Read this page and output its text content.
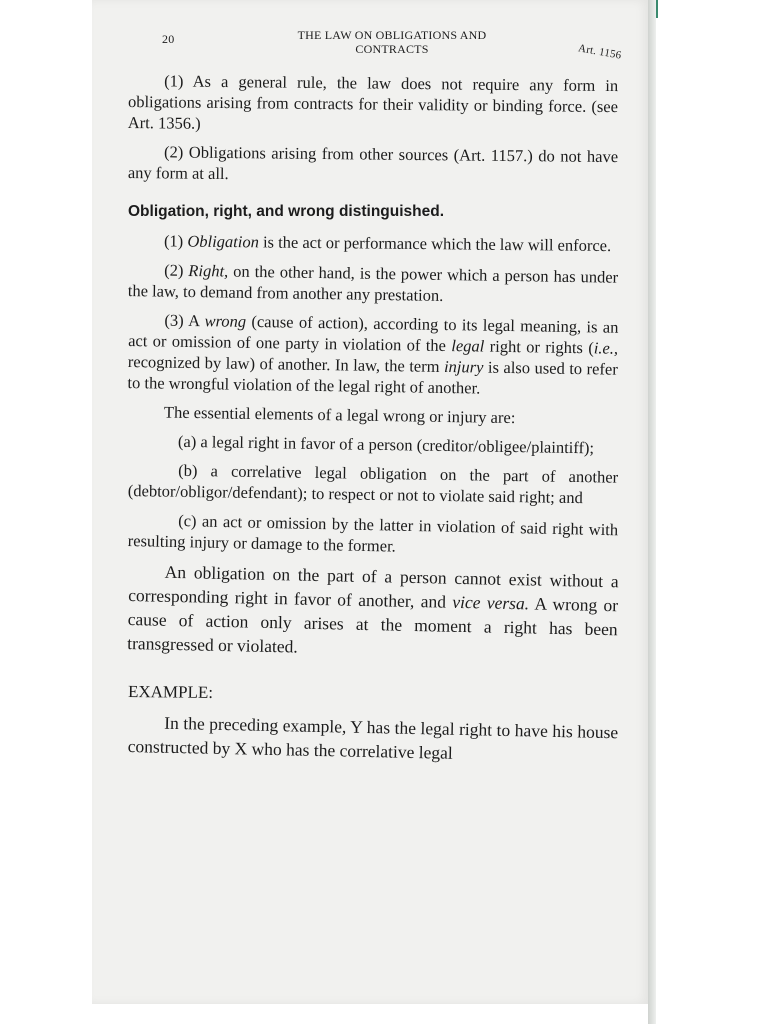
20	THE LAW ON OBLIGATIONS AND CONTRACTS	Art. 1156

(1) As a general rule, the law does not require any form in obligations arising from contracts for their validity or binding force. (see Art. 1356.)

(2) Obligations arising from other sources (Art. 1157.) do not have any form at all.

Obligation, right, and wrong distinguished.

(1) Obligation is the act or performance which the law will enforce.

(2) Right, on the other hand, is the power which a person has under the law, to demand from another any prestation.

(3) A wrong (cause of action), according to its legal meaning, is an act or omission of one party in violation of the legal right or rights (i.e., recognized by law) of another. In law, the term injury is also used to refer to the wrongful violation of the legal right of another.

The essential elements of a legal wrong or injury are:

(a) a legal right in favor of a person (creditor/obligee/plaintiff);

(b) a correlative legal obligation on the part of another (debtor/obligor/defendant); to respect or not to violate said right; and

(c) an act or omission by the latter in violation of said right with resulting injury or damage to the former.

An obligation on the part of a person cannot exist without a corresponding right in favor of another, and vice versa. A wrong or cause of action only arises at the moment a right has been transgressed or violated.

EXAMPLE:

In the preceding example, Y has the legal right to have his house constructed by X who has the correlative legal
